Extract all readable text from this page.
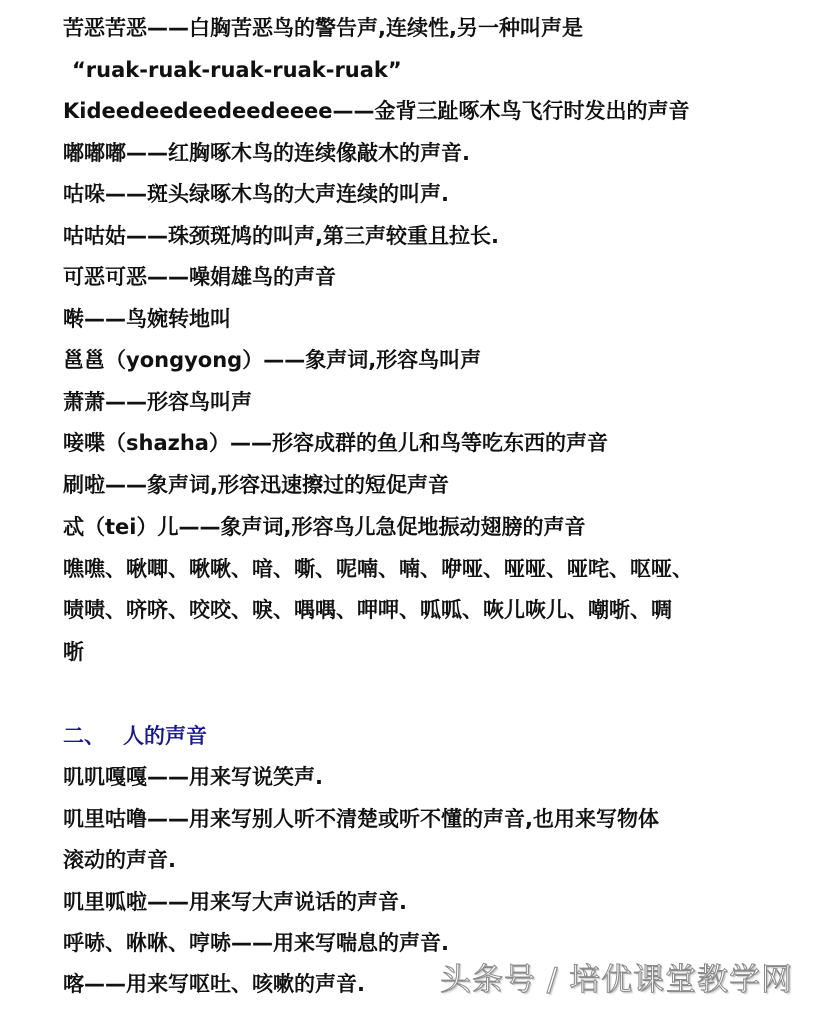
苦恶苦恶——白胸苦恶鸟的警告声,连续性,另一种叫声是
“ruak-ruak-ruak-ruak-ruak”
Kideedeedeedeedeeee——金背三趾啄木鸟飞行时发出的声音
嘟嘟嘟——红胸啄木鸟的连续像敲木的声音.
咕哚——斑头绿啄木鸟的大声连续的叫声.
咕咕姑——珠颈斑鸠的叫声,第三声较重且拉长.
可恶可恶——噪娟雄鸟的声音
啭——鸟婉转地叫
邕邕（yongyong）——象声词,形容鸟叫声
萧萧——形容鸟叫声
唼喋（shazha）——形容成群的鱼儿和鸟等吃东西的声音
刷啦——象声词,形容迅速擦过的短促声音
忒（tei）儿——象声词,形容鸟儿急促地振动翅膀的声音
噍噍、啾唧、啾啾、喑、嘶、呢喃、喃、咿哑、哑哑、哑咤、呕哑、
啧啧、哜哜、咬咬、唳、喁喁、呷呷、呱呱、咴儿咴儿、嘲哳、啁
哳
二、 人的声音
叽叽嘎嘎——用来写说笑声.
叽里咕噜——用来写别人听不清楚或听不懂的声音,也用来写物体
滚动的声音.
叽里呱啦——用来写大声说话的声音.
呼哧、咻咻、哼哧——用来写喘息的声音.
喀——用来写呕吐、咳嗽的声音. 头条号 / 培优课堂教学网
